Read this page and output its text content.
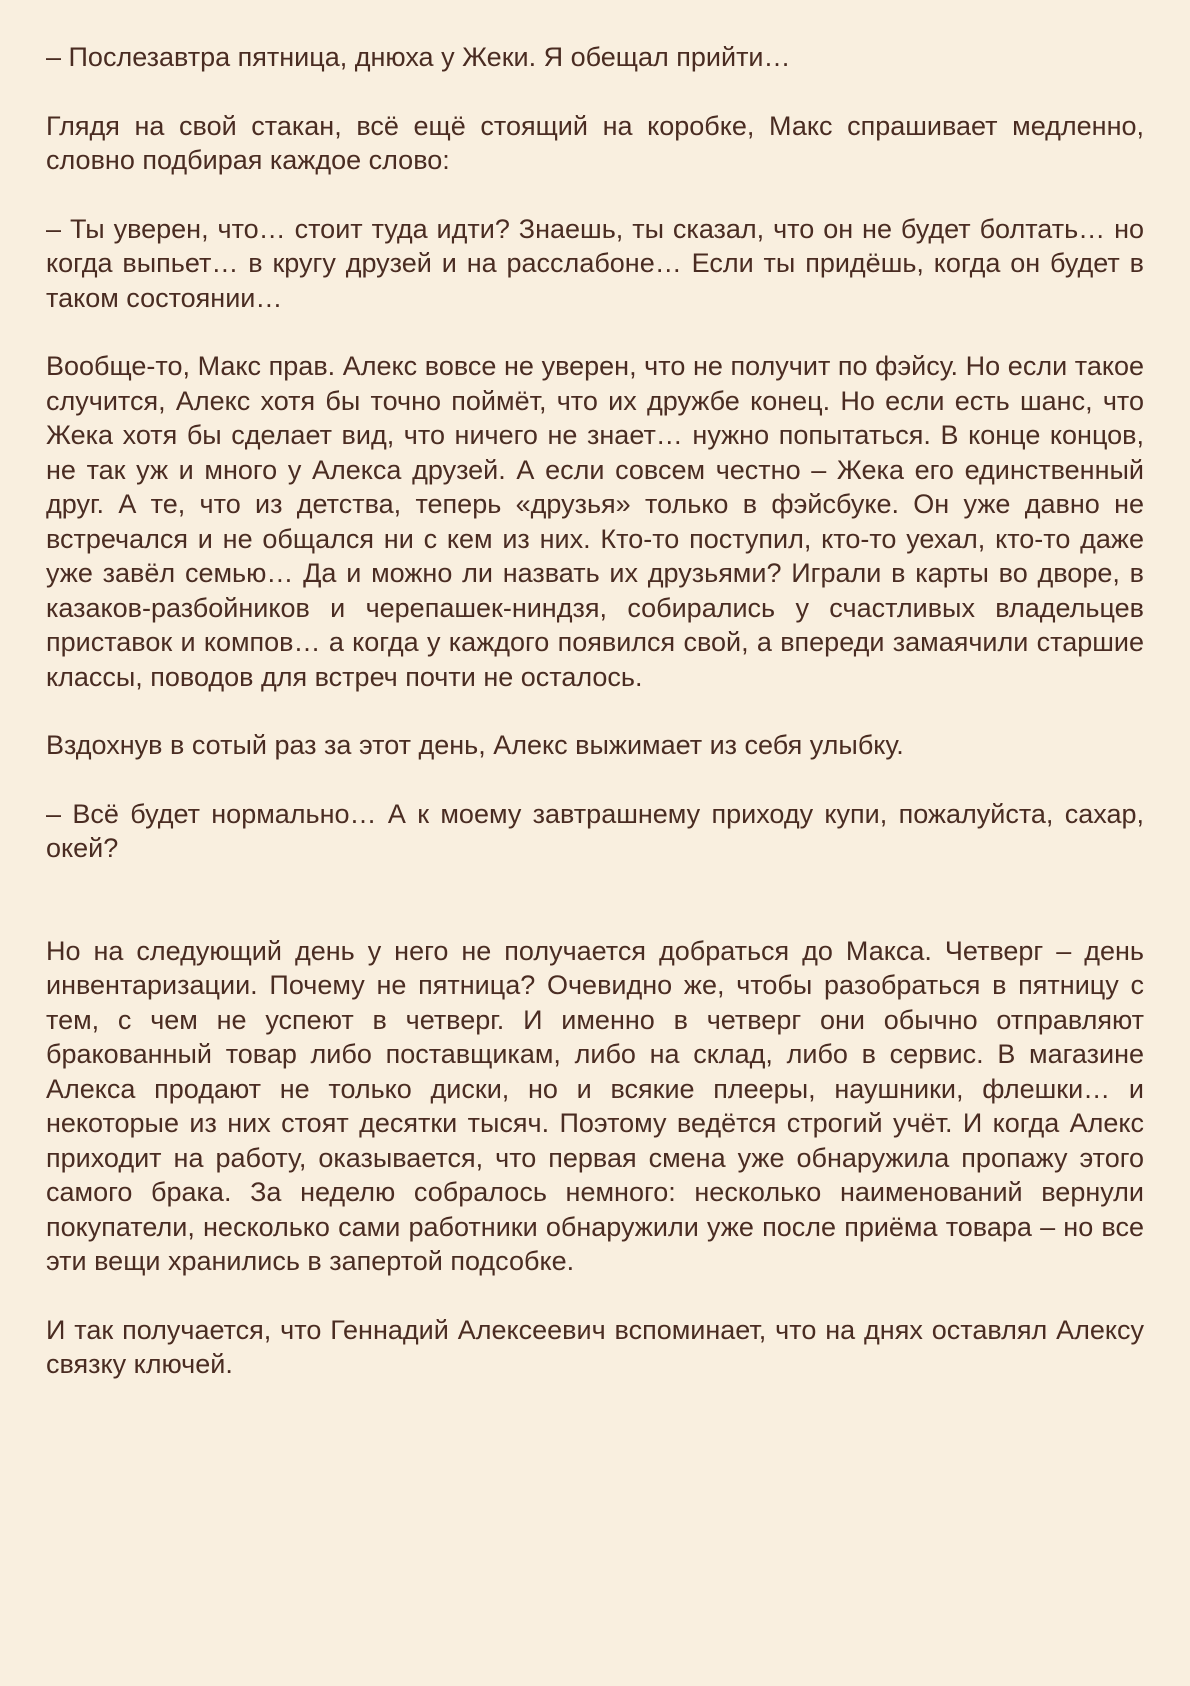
– Послезавтра пятница, днюха у Жеки. Я обещал прийти…

Глядя на свой стакан, всё ещё стоящий на коробке, Макс спрашивает медленно, словно подбирая каждое слово:

– Ты уверен, что… стоит туда идти? Знаешь, ты сказал, что он не будет болтать… но когда выпьет… в кругу друзей и на расслабоне… Если ты придёшь, когда он будет в таком состоянии…

Вообще-то, Макс прав. Алекс вовсе не уверен, что не получит по фэйсу. Но если такое случится, Алекс хотя бы точно поймёт, что их дружбе конец. Но если есть шанс, что Жека хотя бы сделает вид, что ничего не знает… нужно попытаться. В конце концов, не так уж и много у Алекса друзей. А если совсем честно – Жека его единственный друг. А те, что из детства, теперь «друзья» только в фэйсбуке. Он уже давно не встречался и не общался ни с кем из них. Кто-то поступил, кто-то уехал, кто-то даже уже завёл семью… Да и можно ли назвать их друзьями? Играли в карты во дворе, в казаков-разбойников и черепашек-ниндзя, собирались у счастливых владельцев приставок и компов… а когда у каждого появился свой, а впереди замаячили старшие классы, поводов для встреч почти не осталось.

Вздохнув в сотый раз за этот день, Алекс выжимает из себя улыбку.

– Всё будет нормально… А к моему завтрашнему приходу купи, пожалуйста, сахар, окей?

Но на следующий день у него не получается добраться до Макса. Четверг – день инвентаризации. Почему не пятница? Очевидно же, чтобы разобраться в пятницу с тем, с чем не успеют в четверг. И именно в четверг они обычно отправляют бракованный товар либо поставщикам, либо на склад, либо в сервис. В магазине Алекса продают не только диски, но и всякие плееры, наушники, флешки… и некоторые из них стоят десятки тысяч. Поэтому ведётся строгий учёт. И когда Алекс приходит на работу, оказывается, что первая смена уже обнаружила пропажу этого самого брака. За неделю собралось немного: несколько наименований вернули покупатели, несколько сами работники обнаружили уже после приёма товара – но все эти вещи хранились в запертой подсобке.

И так получается, что Геннадий Алексеевич вспоминает, что на днях оставлял Алексу связку ключей.
